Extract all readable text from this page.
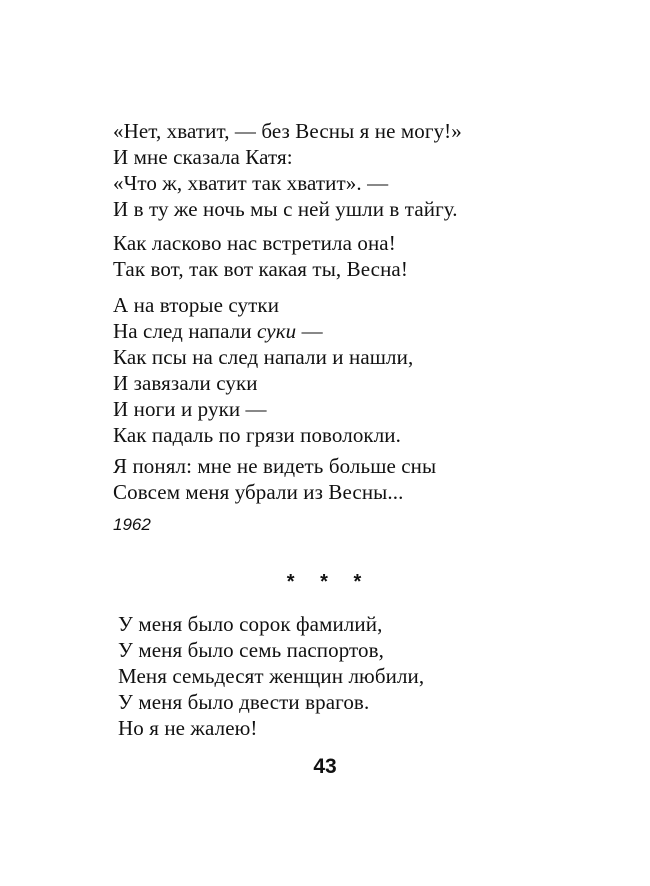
«Нет, хватит, — без Весны я не могу!»
И мне сказала Катя:
«Что ж, хватит так хватит». —
И в ту же ночь мы с ней ушли в тайгу.
Как ласково нас встретила она!
Так вот, так вот какая ты, Весна!
А на вторые сутки
На след напали суки —
Как псы на след напали и нашли,
И завязали суки
И ноги и руки —
Как падаль по грязи поволокли.
Я понял: мне не видеть больше сны
Совсем меня убрали из Весны...
1962
* * *
У меня было сорок фамилий,
У меня было семь паспортов,
Меня семьдесят женщин любили,
У меня было двести врагов.
Но я не жалею!
43
